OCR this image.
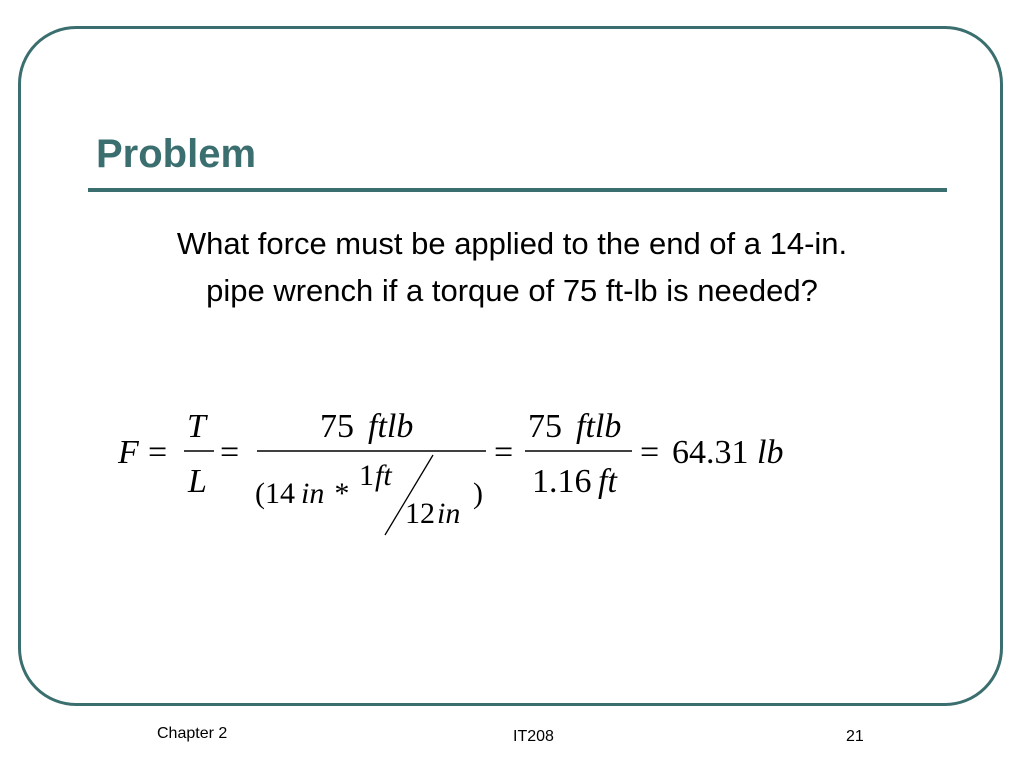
Problem
What force must be applied to the end of a 14-in.
pipe wrench if a torque of 75 ft-lb is needed?
F =
T
L
=
75 ftlb
(14 in *
1 ft
12 in
)
=
75 ftlb
1.16 ft
= 64.31 lb
Chapter 2	IT208	21
